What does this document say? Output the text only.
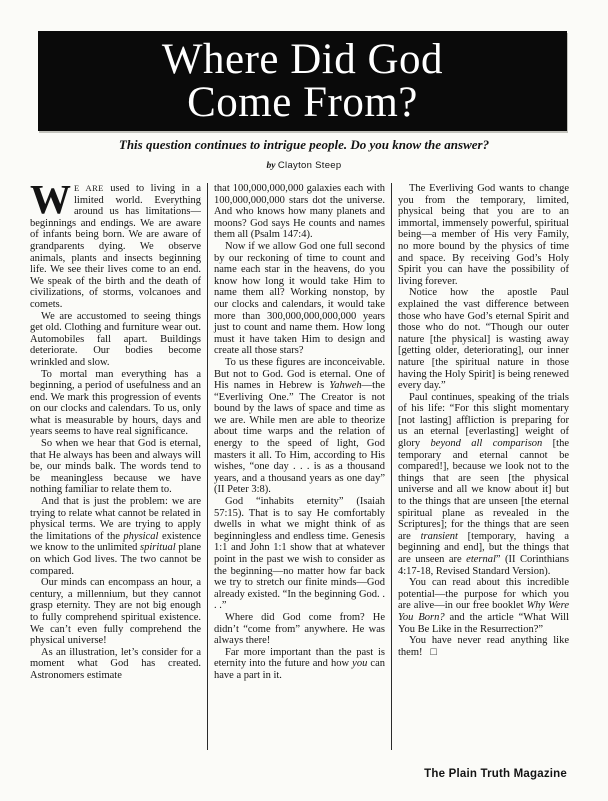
Where Did God
Come From?
This question continues to intrigue people. Do you know the answer?
by Clayton Steep

W E ARE used to living in a limited world. Everything around us has limitations—beginnings and endings. We are aware of infants being born. We are aware of grandparents dying. We observe animals, plants and insects beginning life. We see their lives come to an end. We speak of the birth and the death of civilizations, of storms, volcanoes and comets.

We are accustomed to seeing things get old. Clothing and furniture wear out. Automobiles fall apart. Buildings deteriorate. Our bodies become wrinkled and slow.

To mortal man everything has a beginning, a period of usefulness and an end. We mark this progression of events on our clocks and calendars. To us, only what is measurable by hours, days and years seems to have real significance.

So when we hear that God is eternal, that He always has been and always will be, our minds balk. The words tend to be meaningless because we have nothing familiar to relate them to.

And that is just the problem: we are trying to relate what cannot be related in physical terms. We are trying to apply the limitations of the physical existence we know to the unlimited spiritual plane on which God lives. The two cannot be compared.

Our minds can encompass an hour, a century, a millennium, but they cannot grasp eternity. They are not big enough to fully comprehend spiritual existence. We can’t even fully comprehend the physical universe!

As an illustration, let’s consider for a moment what God has created. Astronomers estimate

that 100,000,000,000 galaxies each with 100,000,000,000 stars dot the universe. And who knows how many planets and moons? God says He counts and names them all (Psalm 147:4).

Now if we allow God one full second by our reckoning of time to count and name each star in the heavens, do you know how long it would take Him to name them all? Working nonstop, by our clocks and calendars, it would take more than 300,000,000,000,000 years just to count and name them. How long must it have taken Him to design and create all those stars?

To us these figures are inconceivable. But not to God. God is eternal. One of His names in Hebrew is Yahweh—the “Everliving One.” The Creator is not bound by the laws of space and time as we are. While men are able to theorize about time warps and the relation of energy to the speed of light, God masters it all. To Him, according to His wishes, “one day . . . is as a thousand years, and a thousand years as one day” (II Peter 3:8).

God “inhabits eternity” (Isaiah 57:15). That is to say He comfortably dwells in what we might think of as beginningless and endless time. Genesis 1:1 and John 1:1 show that at whatever point in the past we wish to consider as the beginning—no matter how far back we try to stretch our finite minds—God already existed. “In the beginning God. . . .”

Where did God come from? He didn’t “come from” anywhere. He was always there!

Far more important than the past is eternity into the future and how you can have a part in it.

The Everliving God wants to change you from the temporary, limited, physical being that you are to an immortal, immensely powerful, spiritual being—a member of His very Family, no more bound by the physics of time and space. By receiving God’s Holy Spirit you can have the possibility of living forever.

Notice how the apostle Paul explained the vast difference between those who have God’s eternal Spirit and those who do not. “Though our outer nature [the physical] is wasting away [getting older, deteriorating], our inner nature [the spiritual nature in those having the Holy Spirit] is being renewed every day.”

Paul continues, speaking of the trials of his life: “For this slight momentary [not lasting] affliction is preparing for us an eternal [everlasting] weight of glory beyond all comparison [the temporary and eternal cannot be compared!], because we look not to the things that are seen [the physical universe and all we know about it] but to the things that are unseen [the eternal spiritual plane as revealed in the Scriptures]; for the things that are seen are transient [temporary, having a beginning and end], but the things that are unseen are eternal” (II Corinthians 4:17-18, Revised Standard Version).

You can read about this incredible potential—the purpose for which you are alive—in our free booklet Why Were You Born? and the article “What Will You Be Like in the Resurrection?”

You have never read anything like them!   □

The Plain Truth Magazine
